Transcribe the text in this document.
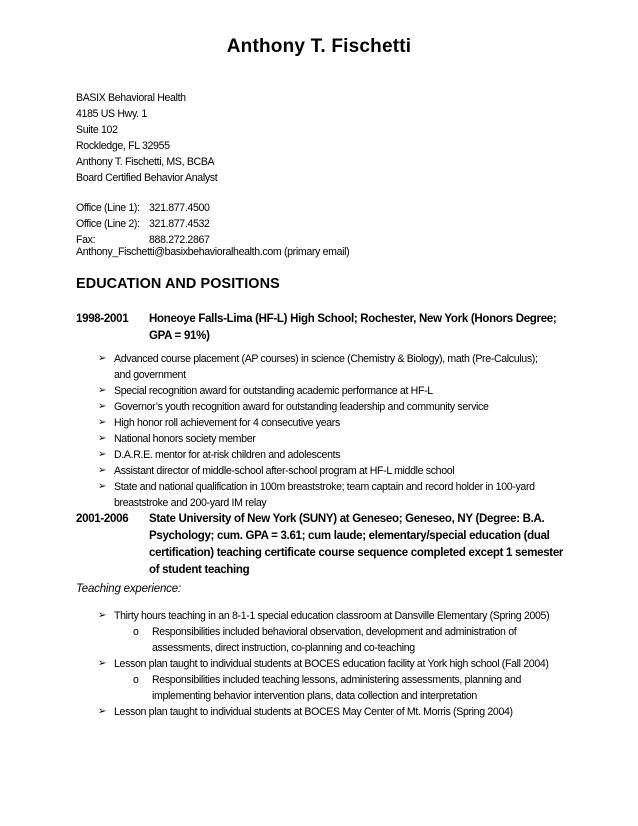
Anthony T. Fischetti
BASIX Behavioral Health
4185 US Hwy. 1
Suite 102
Rockledge, FL 32955
Anthony T. Fischetti, MS, BCBA
Board Certified Behavior Analyst
Office (Line 1): 321.877.4500
Office (Line 2): 321.877.4532
Fax:	888.272.2867
Anthony_Fischetti@basixbehavioralhealth.com (primary email)
EDUCATION AND POSITIONS
1998-2001	Honeoye Falls-Lima (HF-L) High School; Rochester, New York (Honors Degree; GPA = 91%)
➢ Advanced course placement (AP courses) in science (Chemistry & Biology), math (Pre-Calculus); and government
➢ Special recognition award for outstanding academic performance at HF-L
➢ Governor’s youth recognition award for outstanding leadership and community service
➢ High honor roll achievement for 4 consecutive years
➢ National honors society member
➢ D.A.R.E. mentor for at-risk children and adolescents
➢ Assistant director of middle-school after-school program at HF-L middle school
➢ State and national qualification in 100m breaststroke; team captain and record holder in 100-yard breaststroke and 200-yard IM relay
2001-2006	State University of New York (SUNY) at Geneseo; Geneseo, NY (Degree: B.A. Psychology; cum. GPA = 3.61; cum laude; elementary/special education (dual certification) teaching certificate course sequence completed except 1 semester of student teaching
Teaching experience:
➢ Thirty hours teaching in an 8-1-1 special education classroom at Dansville Elementary (Spring 2005)
o Responsibilities included behavioral observation, development and administration of assessments, direct instruction, co-planning and co-teaching
➢ Lesson plan taught to individual students at BOCES education facility at York high school (Fall 2004)
o Responsibilities included teaching lessons, administering assessments, planning and implementing behavior intervention plans, data collection and interpretation
➢ Lesson plan taught to individual students at BOCES May Center of Mt. Morris (Spring 2004)
